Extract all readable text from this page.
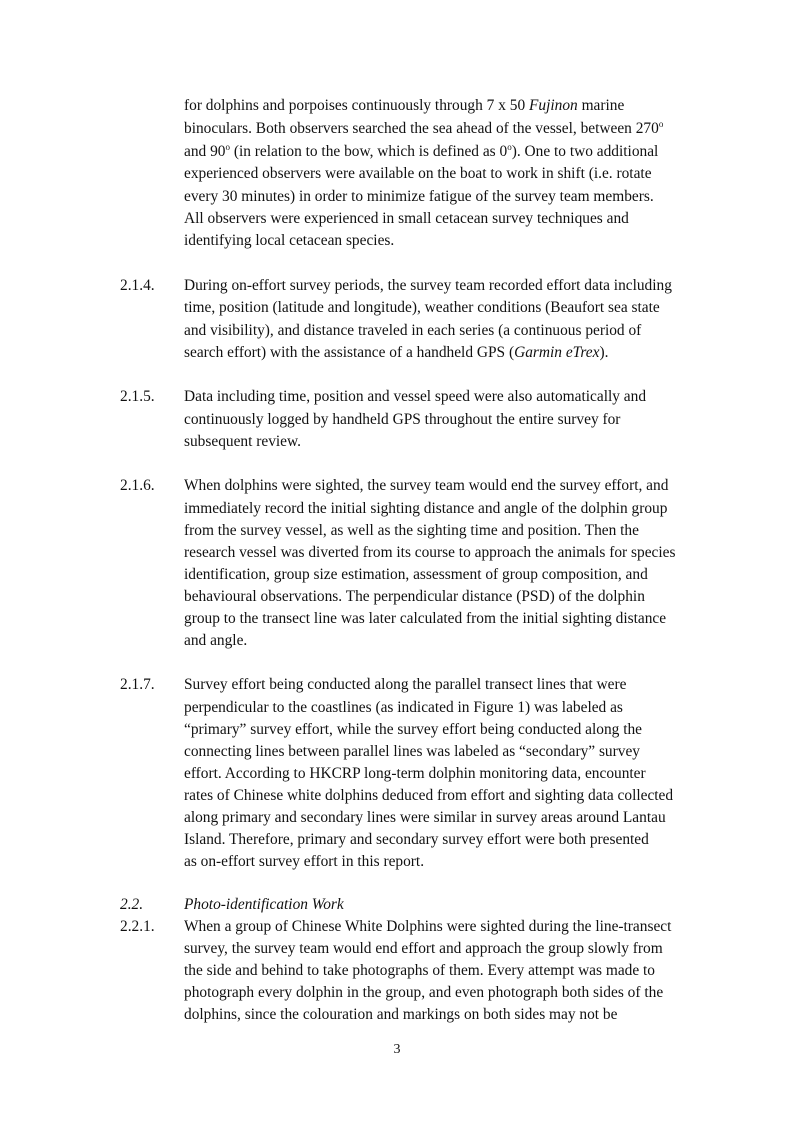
for dolphins and porpoises continuously through 7 x 50 Fujinon marine
binoculars. Both observers searched the sea ahead of the vessel, between 270$^o$
and 90$^o$ (in relation to the bow, which is defined as 0$^o$). One to two additional
experienced observers were available on the boat to work in shift (i.e. rotate
every 30 minutes) in order to minimize fatigue of the survey team members.
All observers were experienced in small cetacean survey techniques and
identifying local cetacean species.
2.1.4. During on-effort survey periods, the survey team recorded effort data including
time, position (latitude and longitude), weather conditions (Beaufort sea state
and visibility), and distance traveled in each series (a continuous period of
search effort) with the assistance of a handheld GPS (Garmin eTrex).
2.1.5. Data including time, position and vessel speed were also automatically and
continuously logged by handheld GPS throughout the entire survey for
subsequent review.
2.1.6. When dolphins were sighted, the survey team would end the survey effort, and
immediately record the initial sighting distance and angle of the dolphin group
from the survey vessel, as well as the sighting time and position. Then the
research vessel was diverted from its course to approach the animals for species
identification, group size estimation, assessment of group composition, and
behavioural observations. The perpendicular distance (PSD) of the dolphin
group to the transect line was later calculated from the initial sighting distance
and angle.
2.1.7. Survey effort being conducted along the parallel transect lines that were
perpendicular to the coastlines (as indicated in Figure 1) was labeled as
“primary” survey effort, while the survey effort being conducted along the
connecting lines between parallel lines was labeled as “secondary” survey
effort. According to HKCRP long-term dolphin monitoring data, encounter
rates of Chinese white dolphins deduced from effort and sighting data collected
along primary and secondary lines were similar in survey areas around Lantau
Island. Therefore, primary and secondary survey effort were both presented
as on-effort survey effort in this report.
2.2.	Photo-identification Work
2.2.1. When a group of Chinese White Dolphins were sighted during the line-transect
survey, the survey team would end effort and approach the group slowly from
the side and behind to take photographs of them. Every attempt was made to
photograph every dolphin in the group, and even photograph both sides of the
dolphins, since the colouration and markings on both sides may not be
3
